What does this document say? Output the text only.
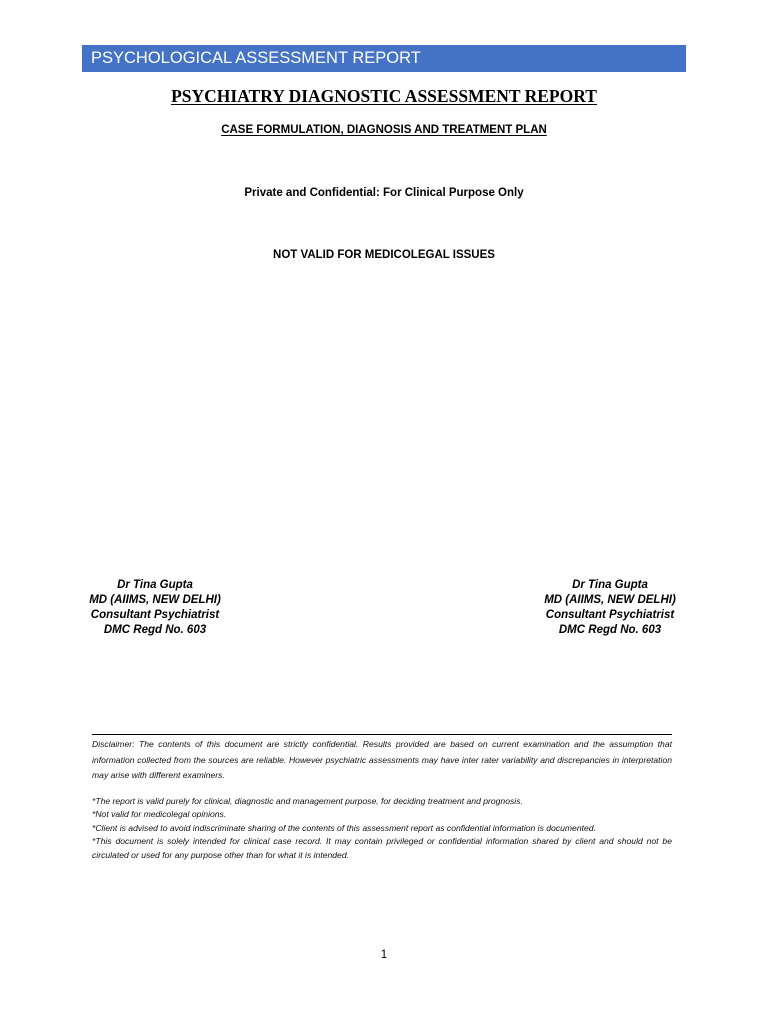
PSYCHOLOGICAL ASSESSMENT REPORT
PSYCHIATRY DIAGNOSTIC ASSESSMENT REPORT
CASE FORMULATION, DIAGNOSIS AND TREATMENT PLAN
Private and Confidential: For Clinical Purpose Only
NOT VALID FOR MEDICOLEGAL ISSUES
Dr Tina Gupta
MD (AIIMS, NEW DELHI)
Consultant Psychiatrist
DMC Regd No. 603
Dr Tina Gupta
MD (AIIMS, NEW DELHI)
Consultant Psychiatrist
DMC Regd No. 603
Disclaimer: The contents of this document are strictly confidential. Results provided are based on current examination and the assumption that information collected from the sources are reliable. However psychiatric assessments may have inter rater variability and discrepancies in interpretation may arise with different examiners.
*The report is valid purely for clinical, diagnostic and management purpose, for deciding treatment and prognosis.
*Not valid for medicolegal opinions.
*Client is advised to avoid indiscriminate sharing of the contents of this assessment report as confidential information is documented.
*This document is solely intended for clinical case record. It may contain privileged or confidential information shared by client and should not be circulated or used for any purpose other than for what it is intended.
1
